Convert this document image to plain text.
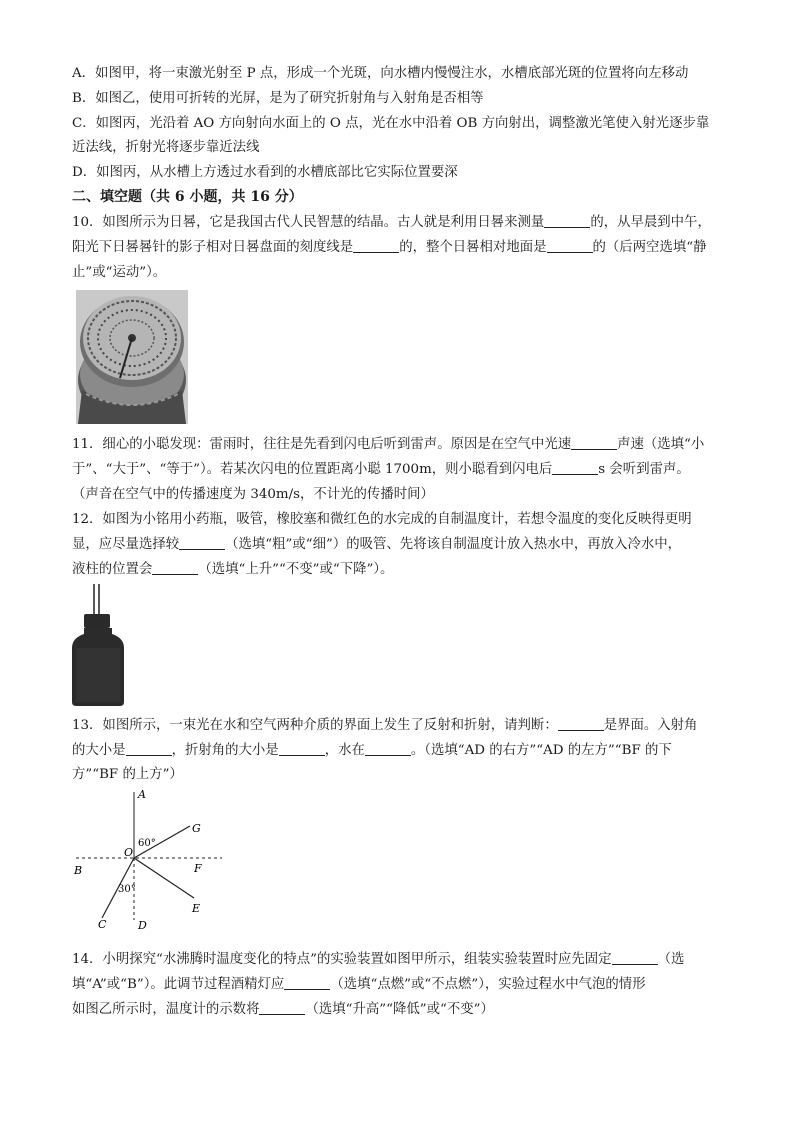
A．如图甲，将一束激光射至 P 点，形成一个光斑，向水槽内慢慢注水，水槽底部光斑的位置将向左移动
B．如图乙，使用可折转的光屏，是为了研究折射角与入射角是否相等
C．如图丙，光沿着 AO 方向射向水面上的 O 点，光在水中沿着 OB 方向射出，调整激光笔使入射光逐步靠
近法线，折射光将逐步靠近法线
D．如图丙，从水槽上方透过水看到的水槽底部比它实际位置要深
二、填空题（共 6 小题，共 16 分）
10．如图所示为日晷，它是我国古代人民智慧的结晶。古人就是利用日晷来测量	的，从早晨到中午，
阳光下日晷晷针的影子相对日晷盘面的刻度线是	的，整个日晷相对地面是	的（后两空选填“静
止”或“运动”）。
11．细心的小聪发现：雷雨时，往往是先看到闪电后听到雷声。原因是在空气中光速	声速（选填“小
于”、“大于”、“等于”）。若某次闪电的位置距离小聪 1700m，则小聪看到闪电后	s 会听到雷声。
（声音在空气中的传播速度为 340m/s，不计光的传播时间）
12．如图为小铭用小药瓶，吸管，橡胶塞和微红色的水完成的自制温度计，若想令温度的变化反映得更明
显，应尽量选择较	（选填“粗”或“细”）的吸管、先将该自制温度计放入热水中，再放入冷水中，
液柱的位置会	（选填“上升”“不变”或“下降”）。
13．如图所示，一束光在水和空气两种介质的界面上发生了反射和折射，请判断：	是界面。入射角
的大小是	，折射角的大小是	，水在	。（选填“AD 的右方”“AD 的左方”“BF 的下
方”“BF 的上方”）
A
B
C	D
E
F
G
O
60°
30°
14．小明探究“水沸腾时温度变化的特点”的实验装置如图甲所示，组装实验装置时应先固定	（选
填“A”或“B”）。此调节过程酒精灯应	（选填“点燃”或“不点燃”），实验过程水中气泡的情形
如图乙所示时，温度计的示数将	（选填“升高”“降低”或“不变”）
